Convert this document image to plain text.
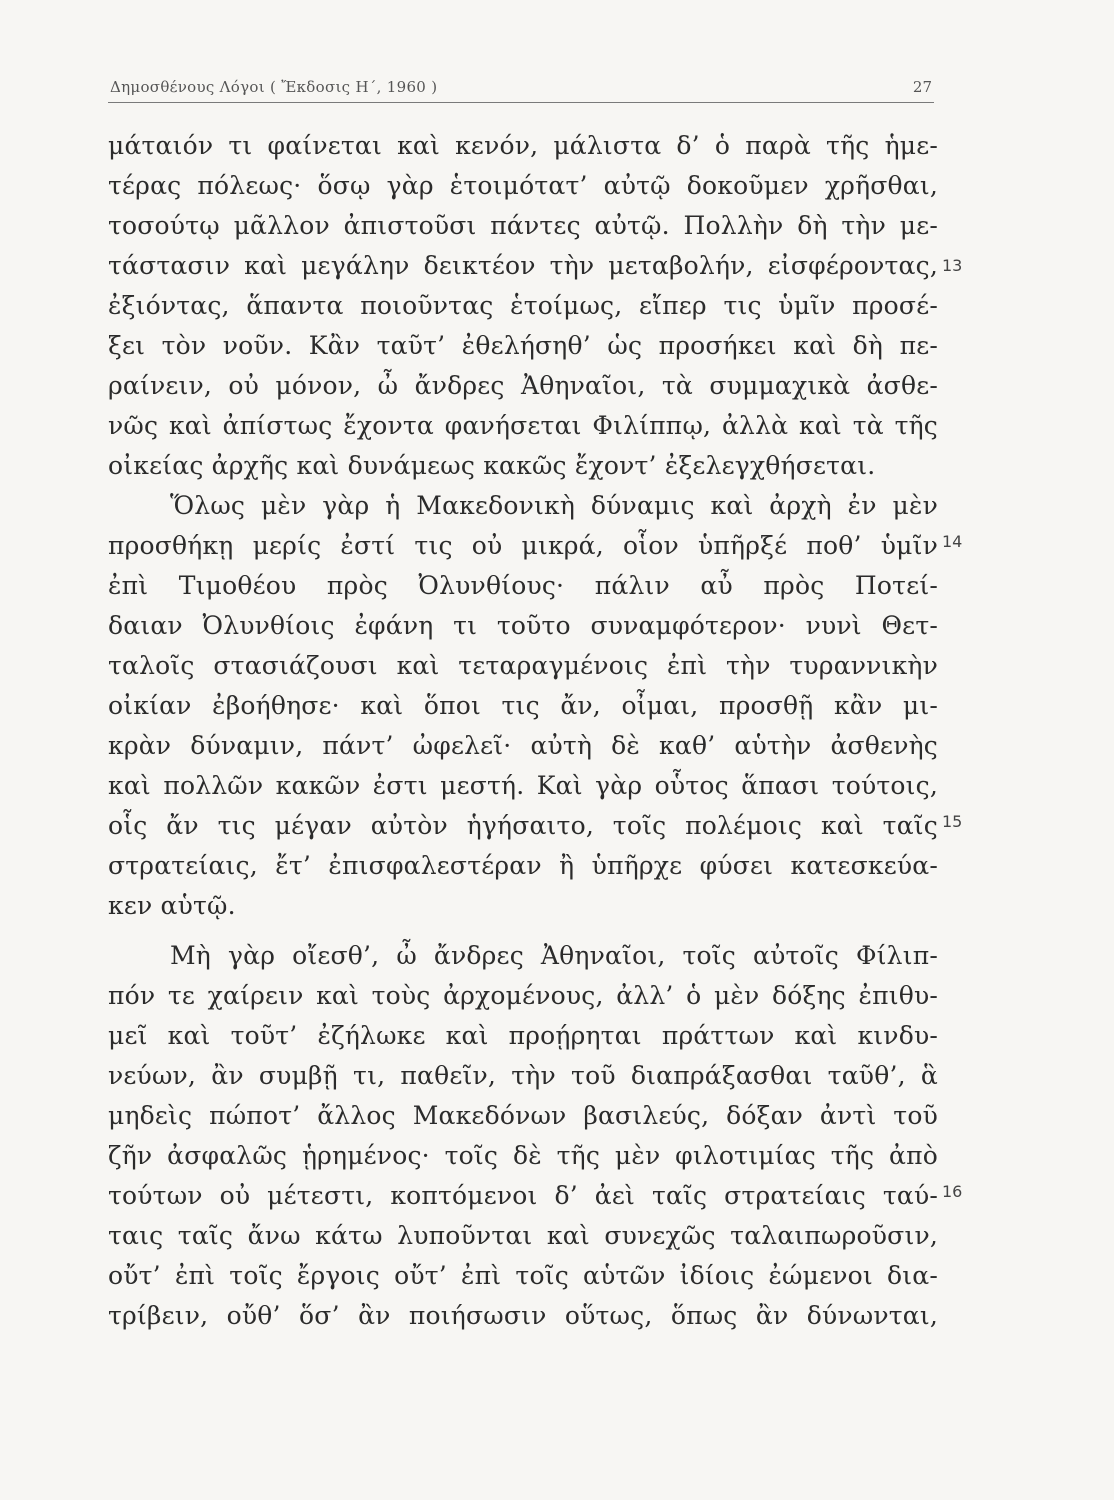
Δημοσθένους Λόγοι ( Ἔκδοσις Η΄, 1960 )	27
μάταιόν τι φαίνεται καὶ κενόν, μάλιστα δ’ ὁ παρὰ τῆς ἡμε-
τέρας πόλεως· ὅσῳ γὰρ ἑτοιμότατ’ αὐτῷ δοκοῦμεν χρῆσθαι,
τοσούτῳ μᾶλλον ἀπιστοῦσι πάντες αὐτῷ. Πολλὴν δὴ τὴν με-
τάστασιν καὶ μεγάλην δεικτέον τὴν μεταβολήν, εἰσφέροντας,
ἐξιόντας, ἅπαντα ποιοῦντας ἑτοίμως, εἴπερ τις ὑμῖν προσέ-
ξει τὸν νοῦν. Κἂν ταῦτ’ ἐθελήσηθ’ ὡς προσήκει καὶ δὴ πε-
ραίνειν, οὐ μόνον, ὦ ἄνδρες Ἀθηναῖοι, τὰ συμμαχικὰ ἀσθε-
νῶς καὶ ἀπίστως ἔχοντα φανήσεται Φιλίππῳ, ἀλλὰ καὶ τὰ τῆς
οἰκείας ἀρχῆς καὶ δυνάμεως κακῶς ἔχοντ’ ἐξελεγχθήσεται.
Ὅλως μὲν γὰρ ἡ Μακεδονικὴ δύναμις καὶ ἀρχὴ ἐν μὲν
προσθήκῃ μερίς ἐστί τις οὐ μικρά, οἷον ὑπῆρξέ ποθ’ ὑμῖν
ἐπὶ Τιμοθέου πρὸς Ὀλυνθίους· πάλιν αὖ πρὸς Ποτεί-
δαιαν Ὀλυνθίοις ἐφάνη τι τοῦτο συναμφότερον· νυνὶ Θετ-
ταλοῖς στασιάζουσι καὶ τεταραγμένοις ἐπὶ τὴν τυραννικὴν
οἰκίαν ἐβοήθησε· καὶ ὅποι τις ἄν, οἶμαι, προσθῇ κἂν μι-
κρὰν δύναμιν, πάντ’ ὠφελεῖ· αὐτὴ δὲ καθ’ αὑτὴν ἀσθενὴς
καὶ πολλῶν κακῶν ἐστι μεστή. Καὶ γὰρ οὗτος ἅπασι τούτοις,
οἷς ἄν τις μέγαν αὐτὸν ἡγήσαιτο, τοῖς πολέμοις καὶ ταῖς
στρατείαις, ἔτ’ ἐπισφαλεστέραν ἢ ὑπῆρχε φύσει κατεσκεύα-
κεν αὑτῷ.
Μὴ γὰρ οἴεσθ’, ὦ ἄνδρες Ἀθηναῖοι, τοῖς αὐτοῖς Φίλιπ-
πόν τε χαίρειν καὶ τοὺς ἀρχομένους, ἀλλ’ ὁ μὲν δόξης ἐπιθυ-
μεῖ καὶ τοῦτ’ ἐζήλωκε καὶ προῄρηται πράττων καὶ κινδυ-
νεύων, ἂν συμβῇ τι, παθεῖν, τὴν τοῦ διαπράξασθαι ταῦθ’, ἃ
μηδεὶς πώποτ’ ἄλλος Μακεδόνων βασιλεύς, δόξαν ἀντὶ τοῦ
ζῆν ἀσφαλῶς ᾑρημένος· τοῖς δὲ τῆς μὲν φιλοτιμίας τῆς ἀπὸ
τούτων οὐ μέτεστι, κοπτόμενοι δ’ ἀεὶ ταῖς στρατείαις ταύ-
ταις ταῖς ἄνω κάτω λυποῦνται καὶ συνεχῶς ταλαιπωροῦσιν,
οὔτ’ ἐπὶ τοῖς ἔργοις οὔτ’ ἐπὶ τοῖς αὑτῶν ἰδίοις ἐώμενοι δια-
τρίβειν, οὔθ’ ὅσ’ ἂν ποιήσωσιν οὕτως, ὅπως ἂν δύνωνται,
13
14
15
16
